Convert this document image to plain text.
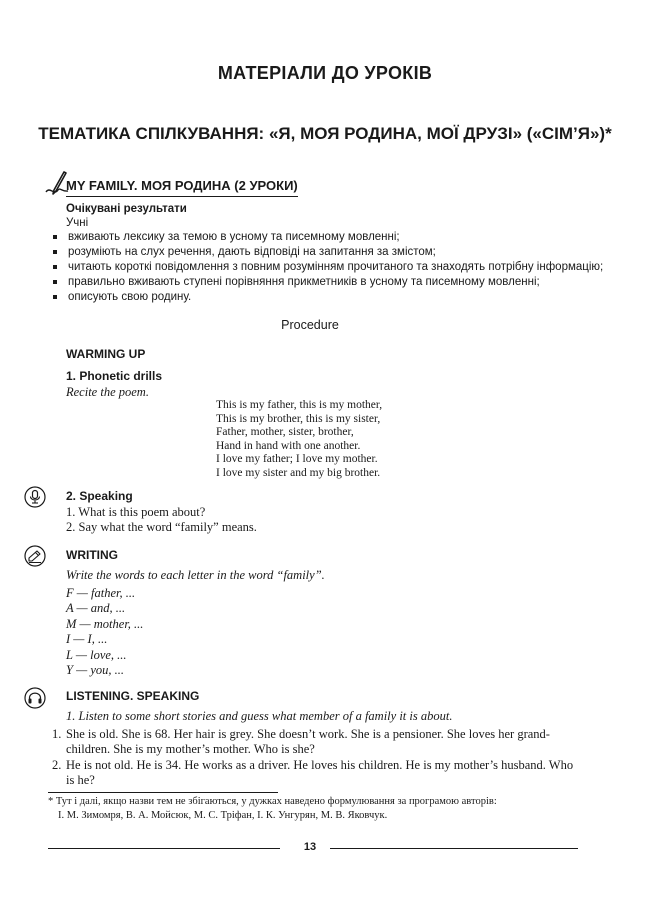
МАТЕРІАЛИ ДО УРОКІВ
ТЕМАТИКА СПІЛКУВАННЯ: «Я, МОЯ РОДИНА, МОЇ ДРУЗІ» («СІМ’Я»)*
MY FAMILY. МОЯ РОДИНА (2 УРОКИ)
Очікувані результати
Учні
вживають лексику за темою в усному та писемному мовленні;
розуміють на слух речення, дають відповіді на запитання за змістом;
читають короткі повідомлення з повним розумінням прочитаного та знаходять потрібну інформацію;
правильно вживають ступені порівняння прикметників в усному та писемному мовленні;
описують свою родину.
Procedure
WARMING UP
1. Phonetic drills
Recite the poem.
This is my father, this is my mother,
This is my brother, this is my sister,
Father, mother, sister, brother,
Hand in hand with one another.
I love my father; I love my mother.
I love my sister and my big brother.
2. Speaking
1. What is this poem about?
2. Say what the word “family” means.
WRITING
Write the words to each letter in the word “family”.
F — father, ...
A — and, ...
M — mother, ...
I — I, ...
L — love, ...
Y — you, ...
LISTENING. SPEAKING
1. Listen to some short stories and guess what member of a family it is about.
1. She is old. She is 68. Her hair is grey. She doesn’t work. She is a pensioner. She loves her grand-children. She is my mother’s mother. Who is she?
2. He is not old. He is 34. He works as a driver. He loves his children. He is my mother’s husband. Who is he?
* Тут і далі, якщо назви тем не збігаються, у дужках наведено формулювання за програмою авторів:
І. М. Зимомря, В. А. Мойсюк, М. С. Тріфан, І. К. Унгурян, М. В. Яковчук.
13
